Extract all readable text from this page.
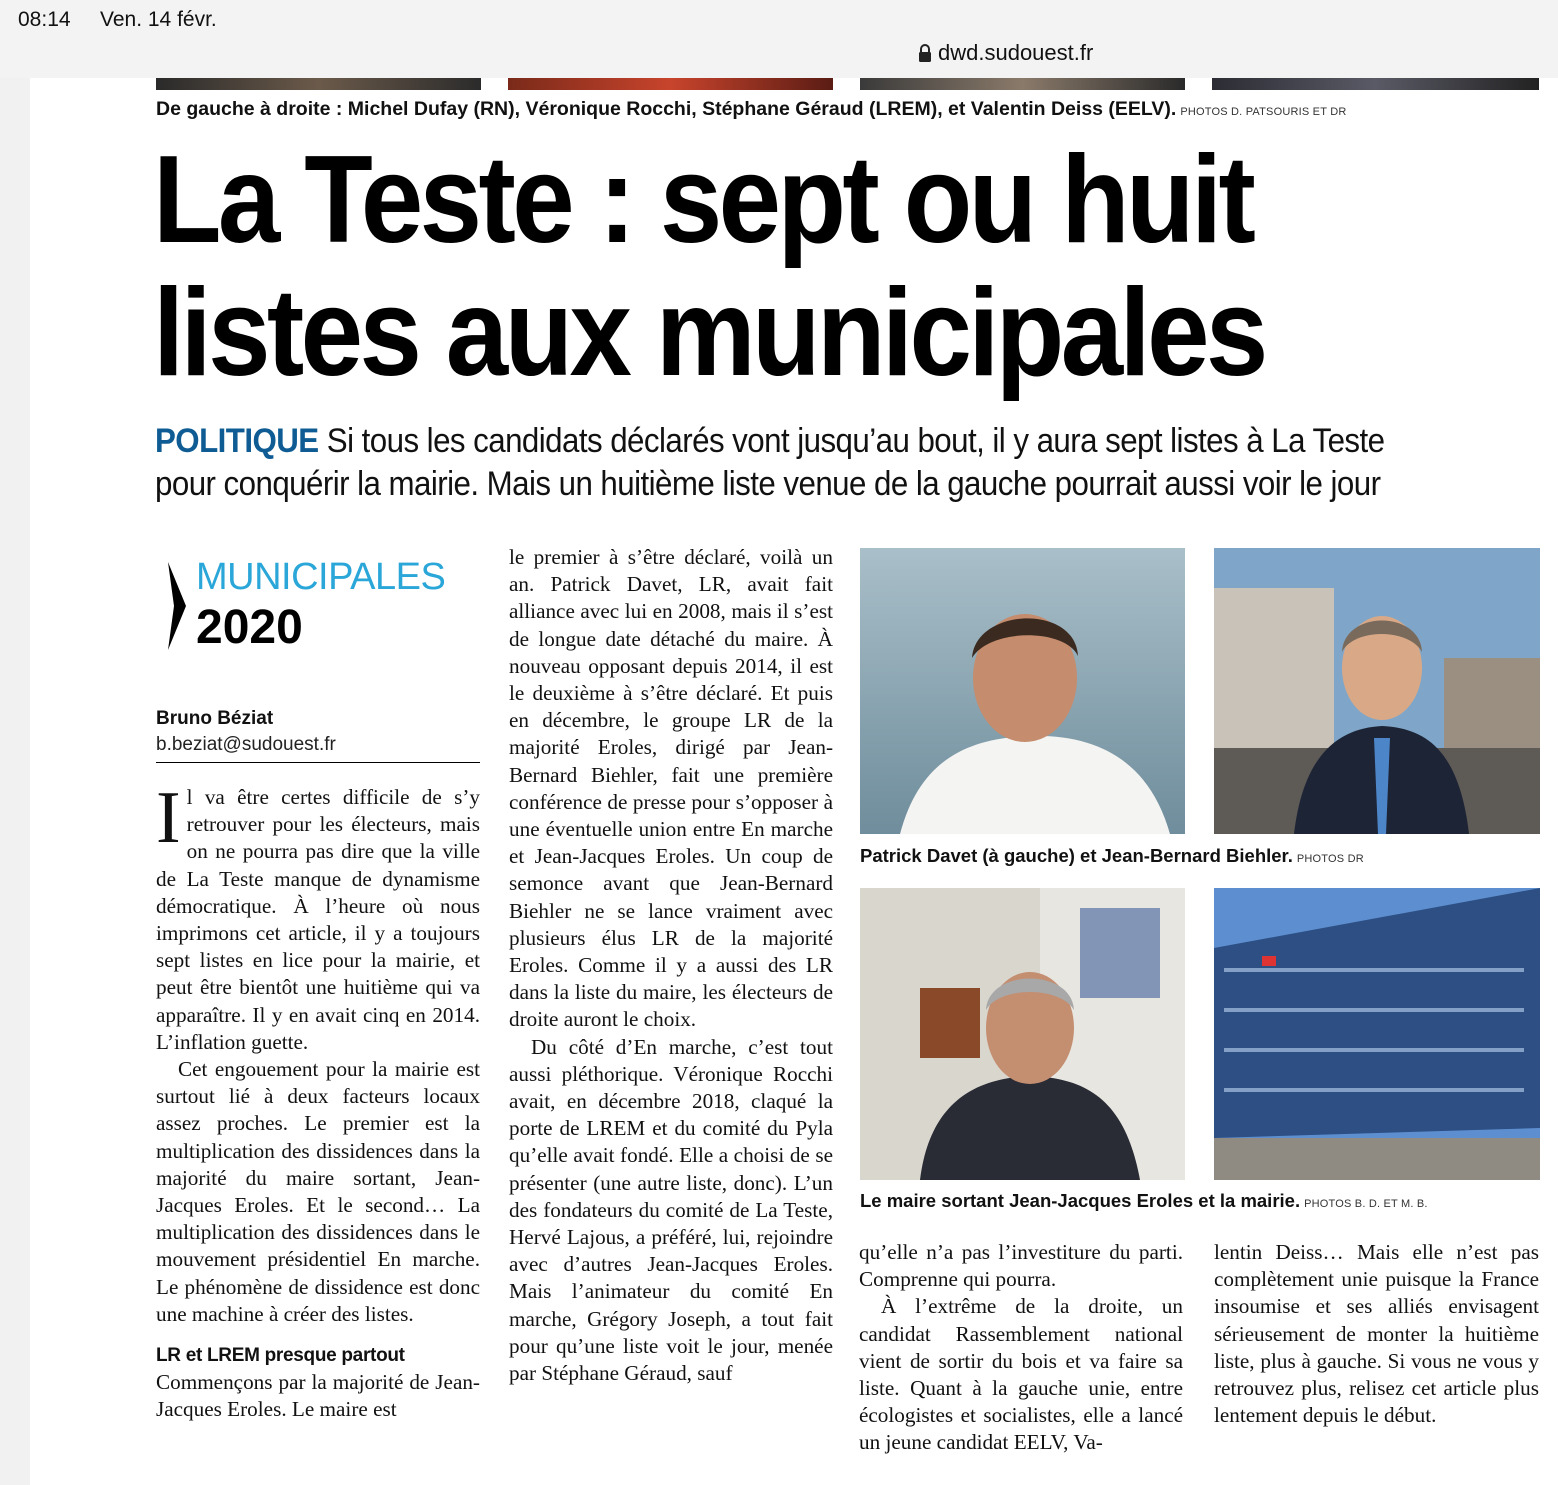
08:14 Ven. 14 févr.
dwd.sudouest.fr
De gauche à droite : Michel Dufay (RN), Véronique Rocchi, Stéphane Géraud (LREM), et Valentin Deiss (EELV). PHOTOS D. PATSOURIS ET DR
La Teste : sept ou huit
listes aux municipales
POLITIQUE Si tous les candidats déclarés vont jusqu’au bout, il y aura sept listes à La Teste pour conquérir la mairie. Mais un huitième liste venue de la gauche pourrait aussi voir le jour
MUNICIPALES
2020
Bruno Béziat
b.beziat@sudouest.fr

Il va être certes difficile de s’y retrouver pour les électeurs, mais on ne pourra pas dire que la ville de La Teste manque de dynamisme démocratique. À l’heure où nous imprimons cet article, il y a toujours sept listes en lice pour la mairie, et peut être bientôt une huitième qui va apparaître. Il y en avait cinq en 2014. L’inflation guette.

Cet engouement pour la mairie est surtout lié à deux facteurs locaux assez proches. Le premier est la multiplication des dissidences dans la majorité du maire sortant, Jean-Jacques Eroles. Et le second… La multiplication des dissidences dans le mouvement présidentiel En marche. Le phénomène de dissidence est donc une machine à créer des listes.

LR et LREM presque partout

Commençons par la majorité de Jean-Jacques Eroles. Le maire est

le premier à s’être déclaré, voilà un an. Patrick Davet, LR, avait fait alliance avec lui en 2008, mais il s’est de longue date détaché du maire. À nouveau opposant depuis 2014, il est le deuxième à s’être déclaré. Et puis en décembre, le groupe LR de la majorité Eroles, dirigé par Jean-Bernard Biehler, fait une première conférence de presse pour s’opposer à une éventuelle union entre En marche et Jean-Jacques Eroles. Un coup de semonce avant que Jean-Bernard Biehler ne se lance vraiment avec plusieurs élus LR de la majorité Eroles. Comme il y a aussi des LR dans la liste du maire, les électeurs de droite auront le choix.

Du côté d’En marche, c’est tout aussi pléthorique. Véronique Rocchi avait, en décembre 2018, claqué la porte de LREM et du comité du Pyla qu’elle avait fondé. Elle a choisi de se présenter (une autre liste, donc). L’un des fondateurs du comité de La Teste, Hervé Lajous, a préféré, lui, rejoindre avec d’autres Jean-Jacques Eroles. Mais l’animateur du comité En marche, Grégory Joseph, a tout fait pour qu’une liste voit le jour, menée par Stéphane Géraud, sauf

Patrick Davet (à gauche) et Jean-Bernard Biehler. PHOTOS DR
Le maire sortant Jean-Jacques Eroles et la mairie. PHOTOS B. D. ET M. B.

qu’elle n’a pas l’investiture du parti. Comprenne qui pourra.

À l’extrême de la droite, un candidat Rassemblement national vient de sortir du bois et va faire sa liste. Quant à la gauche unie, entre écologistes et socialistes, elle a lancé un jeune candidat EELV, Va-

lentin Deiss… Mais elle n’est pas complètement unie puisque la France insoumise et ses alliés envisagent sérieusement de monter la huitième liste, plus à gauche. Si vous ne vous y retrouvez plus, relisez cet article plus lentement depuis le début.
